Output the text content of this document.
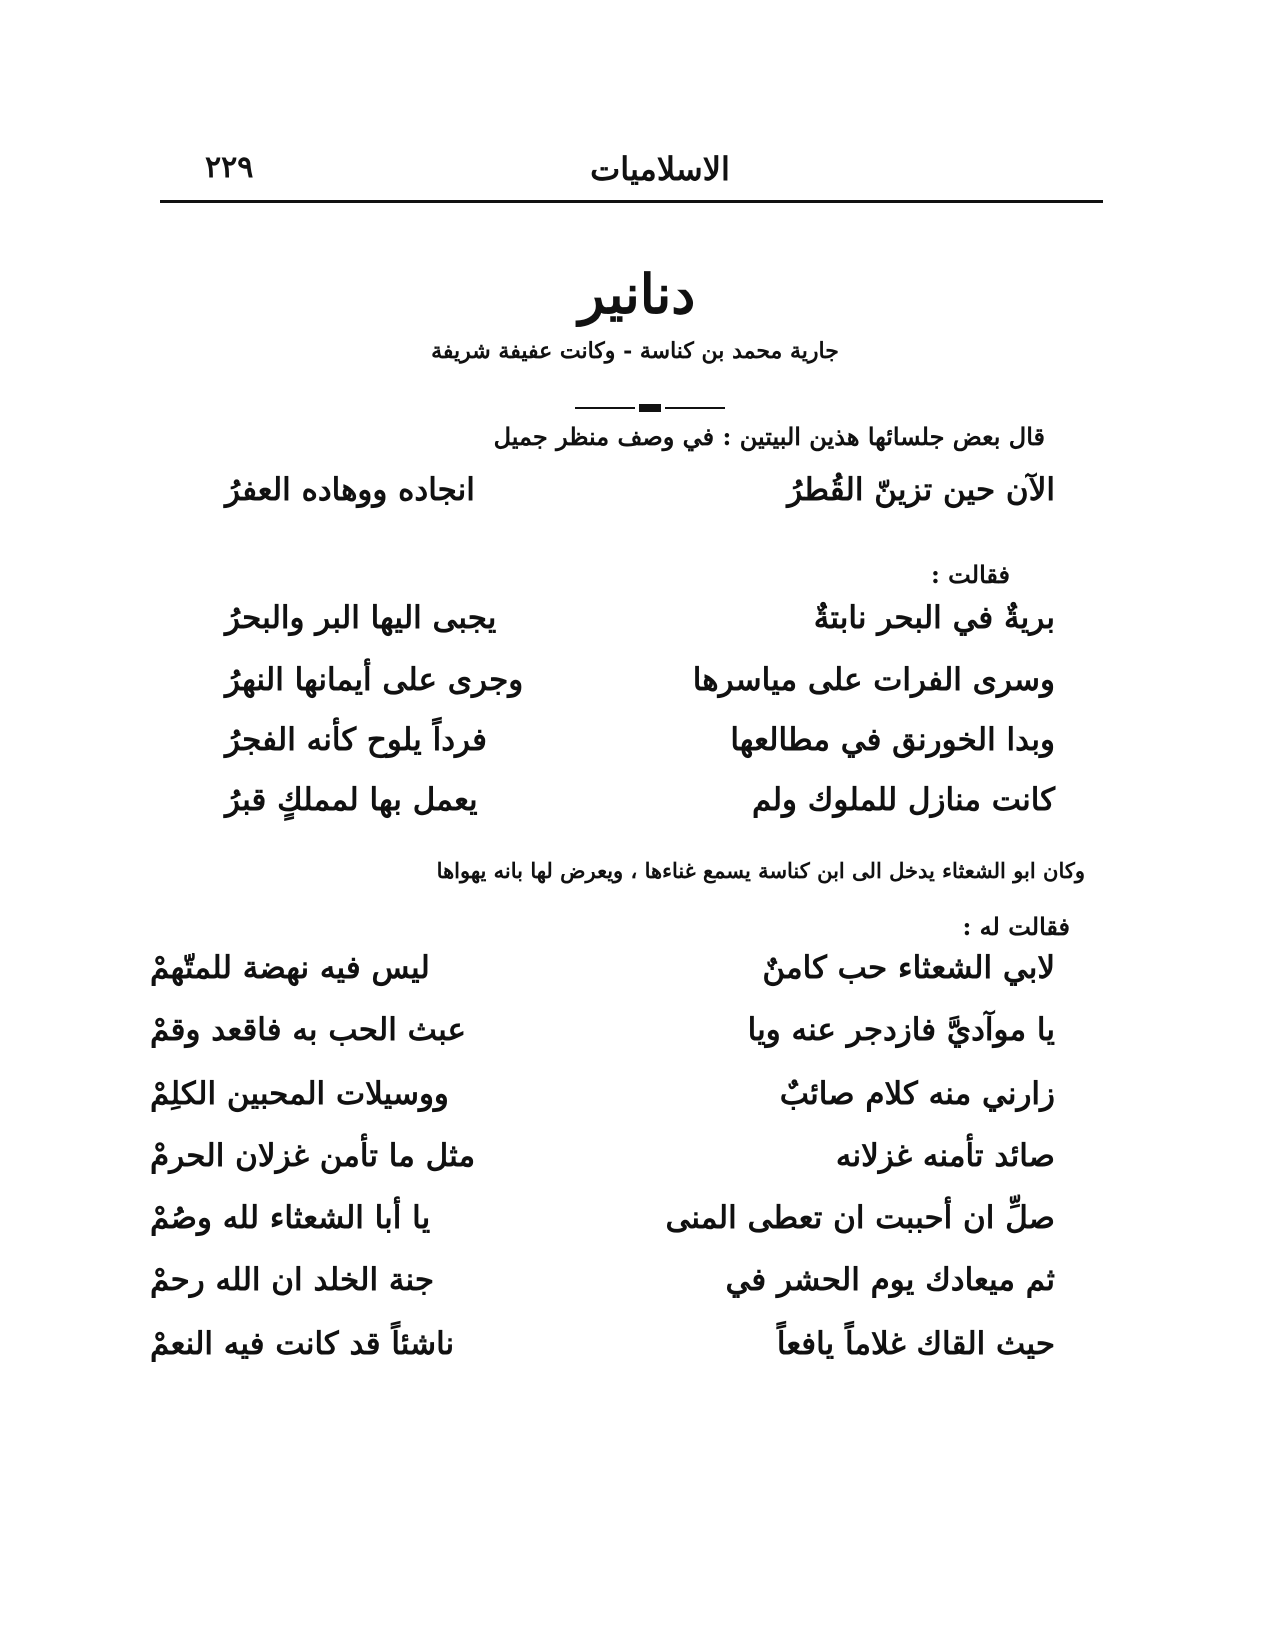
الاسلاميات
٢٢٩
دنانير
جارية محمد بن كناسة - وكانت عفيفة شريفة
قال بعض جلسائها هذين البيتين : في وصف منظر جميل
الآن حين تزينّ القُطرُ
انجاده ووهاده العفرُ
فقالت :
بريةٌ في البحر نابتةٌ
يجبى اليها البر والبحرُ
وسرى الفرات على مياسرها
وجرى على أيمانها النهرُ
وبدا الخورنق في مطالعها
فرداً يلوح كأنه الفجرُ
كانت منازل للملوك ولم
يعمل بها لمملكٍ قبرُ
وكان ابو الشعثاء يدخل الى ابن كناسة يسمع غناءها ، ويعرض لها بانه يهواها
فقالت له :
لابي الشعثاء حب كامنٌ
ليس فيه نهضة للمتّهمْ
يا موآديَّ فازدجر عنه ويا
عبث الحب به فاقعد وقمْ
زارني منه كلام صائبٌ
ووسيلات المحبين الكلِمْ
صائد تأمنه غزلانه
مثل ما تأمن غزلان الحرمْ
صلِّ ان أحببت ان تعطى المنى
يا أبا الشعثاء لله وصُمْ
ثم ميعادك يوم الحشر في
جنة الخلد ان الله رحمْ
حيث القاك غلاماً يافعاً
ناشئاً قد كانت فيه النعمْ
